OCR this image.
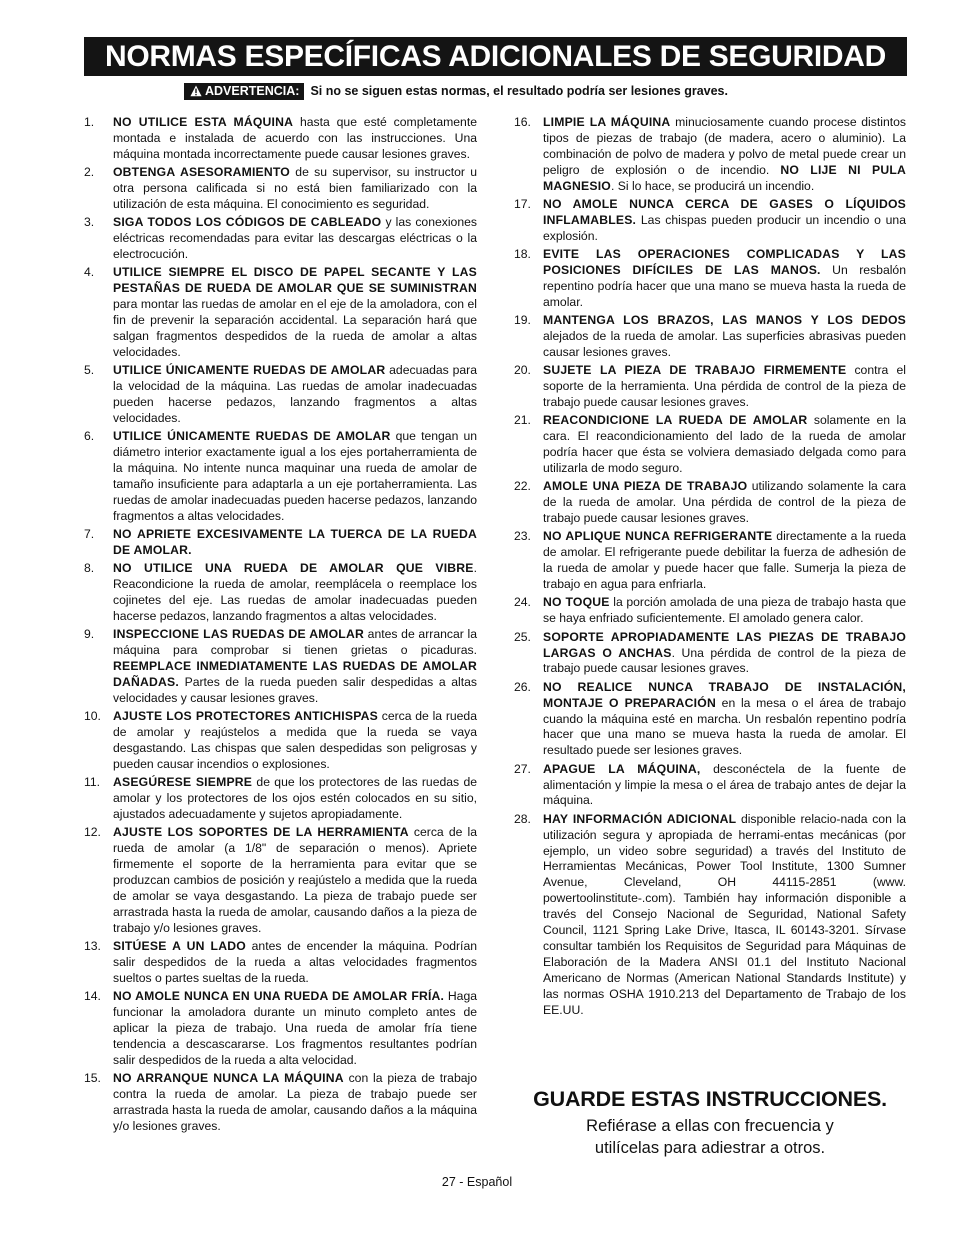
NORMAS ESPECÍFICAS ADICIONALES DE SEGURIDAD
ADVERTENCIA: Si no se siguen estas normas, el resultado podría ser lesiones graves.
1.	NO UTILICE ESTA MÁQUINA hasta que esté completamente montada e instalada de acuerdo con las instrucciones. Una máquina montada incorrectamente puede causar lesiones graves.
2.	OBTENGA ASESORAMIENTO de su supervisor, su instructor u otra persona calificada si no está bien familiarizado con la utilización de esta máquina. El conocimiento es seguridad.
3.	SIGA TODOS LOS CÓDIGOS DE CABLEADO y las conexiones eléctricas recomendadas para evitar las descargas eléctricas o la electrocución.
4.	UTILICE SIEMPRE EL DISCO DE PAPEL SECANTE Y LAS PESTAÑAS DE RUEDA DE AMOLAR QUE SE SUMINISTRAN para montar las ruedas de amolar en el eje de la amoladora, con el fin de prevenir la separación accidental. La separación hará que salgan fragmentos despedidos de la rueda de amolar a altas velocidades.
5.	UTILICE ÚNICAMENTE RUEDAS DE AMOLAR adecuadas para la velocidad de la máquina. Las ruedas de amolar inadecuadas pueden hacerse pedazos, lanzando fragmentos a altas velocidades.
6.	UTILICE ÚNICAMENTE RUEDAS DE AMOLAR que tengan un diámetro interior exactamente igual a los ejes portaherramienta de la máquina. No intente nunca maquinar una rueda de amolar de tamaño insuficiente para adaptarla a un eje portaherramienta. Las ruedas de amolar inadecuadas pueden hacerse pedazos, lanzando fragmentos a altas velocidades.
7.	NO APRIETE EXCESIVAMENTE LA TUERCA DE LA RUEDA DE AMOLAR.
8.	NO UTILICE UNA RUEDA DE AMOLAR QUE VIBRE. Reacondicione la rueda de amolar, reemplácela o reemplace los cojinetes del eje. Las ruedas de amolar inadecuadas pueden hacerse pedazos, lanzando fragmentos a altas velocidades.
9.	INSPECCIONE LAS RUEDAS DE AMOLAR antes de arrancar la máquina para comprobar si tienen grietas o picaduras. REEMPLACE INMEDIATAMENTE LAS RUEDAS DE AMOLAR DAÑADAS. Partes de la rueda pueden salir despedidas a altas velocidades y causar lesiones graves.
10. AJUSTE LOS PROTECTORES ANTICHISPAS cerca de la rueda de amolar y reajústelos a medida que la rueda se vaya desgastando. Las chispas que salen despedidas son peligrosas y pueden causar incendios o explosiones.
11.	ASEGÚRESE SIEMPRE de que los protectores de las ruedas de amolar y los protectores de los ojos estén colocados en su sitio, ajustados adecuadamente y sujetos apropiadamente.
12. AJUSTE LOS SOPORTES DE LA HERRAMIENTA cerca de la rueda de amolar (a 1/8" de separación o menos). Apriete firmemente el soporte de la herramienta para evitar que se produzcan cambios de posición y reajústelo a medida que la rueda de amolar se vaya desgastando. La pieza de trabajo puede ser arrastrada hasta la rueda de amolar, causando daños a la pieza de trabajo y/o lesiones graves.
13. SITÚESE A UN LADO antes de encender la máquina. Podrían salir despedidos de la rueda a altas velocidades fragmentos sueltos o partes sueltas de la rueda.
14. NO AMOLE NUNCA EN UNA RUEDA DE AMOLAR FRÍA. Haga funcionar la amoladora durante un minuto completo antes de aplicar la pieza de trabajo. Una rueda de amolar fría tiene tendencia a descascararse. Los fragmentos resultantes podrían salir despedidos de la rueda a alta velocidad.
15. NO ARRANQUE NUNCA LA MÁQUINA con la pieza de trabajo contra la rueda de amolar. La pieza de trabajo puede ser arrastrada hasta la rueda de amolar, causando daños a la máquina y/o lesiones graves.
16. LIMPIE LA MÁQUINA minuciosamente cuando procese distintos tipos de piezas de trabajo (de madera, acero o aluminio). La combinación de polvo de madera y polvo de metal puede crear un peligro de explosión o de incendio. NO LIJE NI PULA MAGNESIO. Si lo hace, se producirá un incendio.
17. NO AMOLE NUNCA CERCA DE GASES O LÍQUIDOS INFLAMABLES. Las chispas pueden producir un incendio o una explosión.
18. EVITE LAS OPERACIONES COMPLICADAS Y LAS POSICIONES DIFÍCILES DE LAS MANOS. Un resbalón repentino podría hacer que una mano se mueva hasta la rueda de amolar.
19. MANTENGA LOS BRAZOS, LAS MANOS Y LOS DEDOS alejados de la rueda de amolar. Las superficies abrasivas pueden causar lesiones graves.
20. SUJETE LA PIEZA DE TRABAJO FIRMEMENTE contra el soporte de la herramienta. Una pérdida de control de la pieza de trabajo puede causar lesiones graves.
21. REACONDICIONE LA RUEDA DE AMOLAR solamente en la cara. El reacondicionamiento del lado de la rueda de amolar podría hacer que ésta se volviera demasiado delgada como para utilizarla de modo seguro.
22. AMOLE UNA PIEZA DE TRABAJO utilizando solamente la cara de la rueda de amolar. Una pérdida de control de la pieza de trabajo puede causar lesiones graves.
23. NO APLIQUE NUNCA REFRIGERANTE directamente a la rueda de amolar. El refrigerante puede debilitar la fuerza de adhesión de la rueda de amolar y puede hacer que falle. Sumerja la pieza de trabajo en agua para enfriarla.
24. NO TOQUE la porción amolada de una pieza de trabajo hasta que se haya enfriado suficientemente. El amolado genera calor.
25. SOPORTE APROPIADAMENTE LAS PIEZAS DE TRABAJO LARGAS O ANCHAS. Una pérdida de control de la pieza de trabajo puede causar lesiones graves.
26. NO REALICE NUNCA TRABAJO DE INSTALACIÓN, MONTAJE O PREPARACIÓN en la mesa o el área de trabajo cuando la máquina esté en marcha. Un resbalón repentino podría hacer que una mano se mueva hasta la rueda de amolar. El resultado puede ser lesiones graves.
27. APAGUE LA MÁQUINA, desconéctela de la fuente de alimentación y limpie la mesa o el área de trabajo antes de dejar la máquina.
28. HAY INFORMACIÓN ADICIONAL disponible relacio-nada con la utilización segura y apropiada de herrami-entas mecánicas (por ejemplo, un video sobre seguridad) a través del Instituto de Herramientas Mecánicas, Power Tool Institute, 1300 Sumner Avenue, Cleveland, OH 44115-2851 (www. powertoolinstitute-.com). También hay información disponible a través del Consejo Nacional de Seguridad, National Safety Council, 1121 Spring Lake Drive, Itasca, IL 60143-3201. Sírvase consultar también los Requisitos de Seguridad para Máquinas de Elaboración de la Madera ANSI 01.1 del Instituto Nacional Americano de Normas (American National Standards Institute) y las normas OSHA 1910.213 del Departamento de Trabajo de los EE.UU.
GUARDE ESTAS INSTRUCCIONES.

Refiérase a ellas con frecuencia y
utilícelas para adiestrar a otros.

27 - Español
